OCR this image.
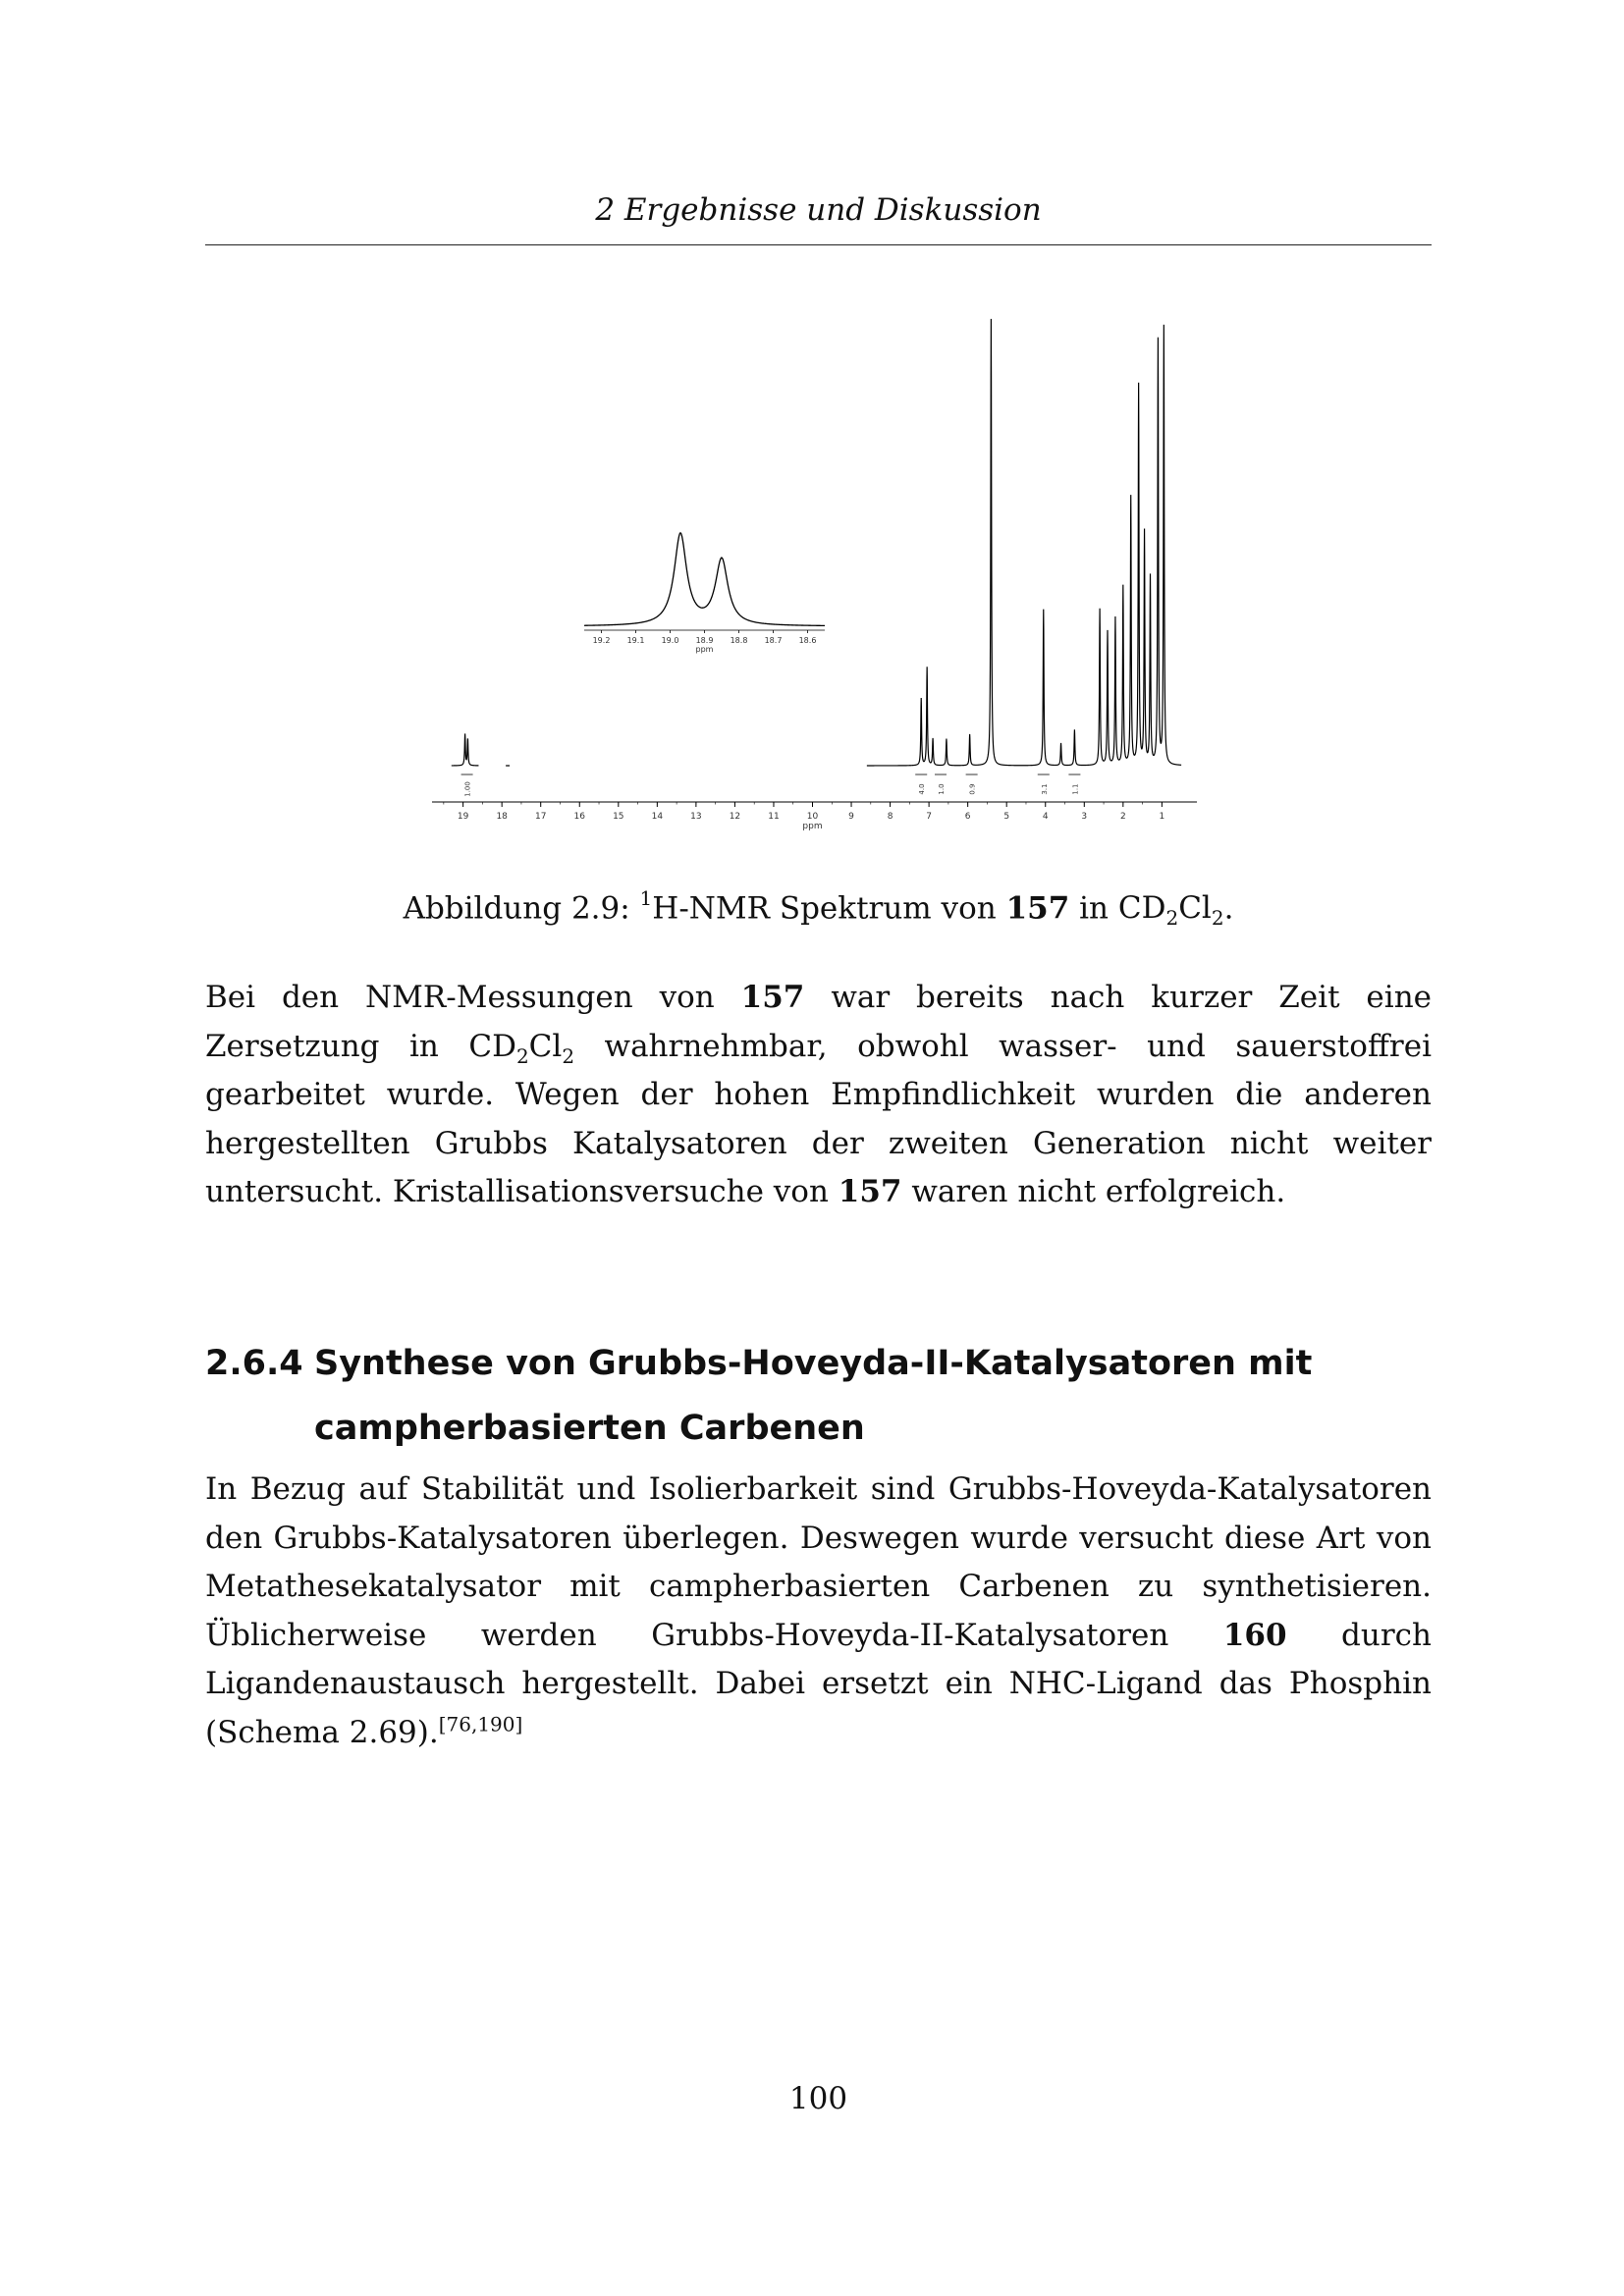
2 Ergebnisse und Diskussion
19	18	17	16	15	14	13	12	11	10	9	8	7	6	5	4	3	2	1
ppm
1.00	4.0 1.0	0.9	3.1	1.1
19.2 19.1 19.0 18.9 18.8 18.7 18.6
ppm
Abbildung 2.9: $^1$H-NMR Spektrum von 157 in $CD_2Cl_2$.

Bei den NMR-Messungen von 157 war bereits nach kurzer Zeit eine Zersetzung in $CD_2Cl_2$ wahrnehmbar, obwohl wasser- und sauerstoffrei gearbeitet wurde. Wegen der hohen Empfindlichkeit wurden die anderen hergestellten Grubbs Katalysatoren der zweiten Generation nicht weiter untersucht. Kristallisationsversuche von 157 waren nicht erfolgreich.

2.6.4 Synthese von Grubbs-Hoveyda-II-Katalysatoren mit
campherbasierten Carbenen

In Bezug auf Stabilität und Isolierbarkeit sind Grubbs-Hoveyda-Katalysatoren den Grubbs-Katalysatoren überlegen. Deswegen wurde versucht diese Art von Metathesekatalysator mit campherbasierten Carbenen zu synthetisieren. Üblicherweise werden Grubbs-Hoveyda-II-Katalysatoren 160 durch Ligandenaustausch hergestellt. Dabei ersetzt ein NHC-Ligand das Phosphin (Schema 2.69).[76,190]

100
